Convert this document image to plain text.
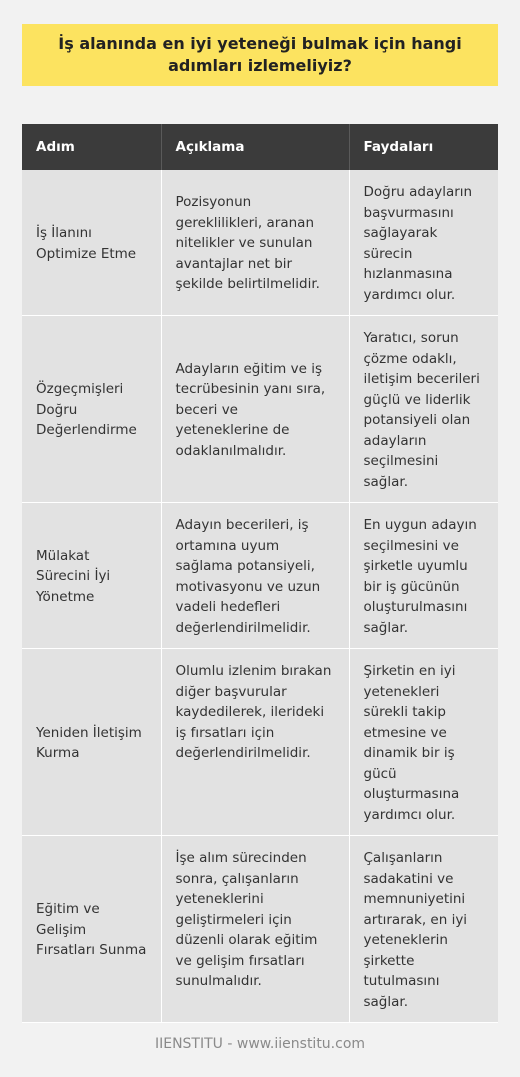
İş alanında en iyi yeteneği bulmak için hangi adımları izlemeliyiz?
Adım	Açıklama	Faydaları
İş İlanını Optimize Etme	Pozisyonun gereklilikleri, aranan nitelikler ve sunulan avantajlar net bir şekilde belirtilmelidir.	Doğru adayların başvurmasını sağlayarak sürecin hızlanmasına yardımcı olur.
Özgeçmişleri Doğru Değerlendirme	Adayların eğitim ve iş tecrübesinin yanı sıra, beceri ve yeteneklerine de odaklanılmalıdır.	Yaratıcı, sorun çözme odaklı, iletişim becerileri güçlü ve liderlik potansiyeli olan adayların seçilmesini sağlar.
Mülakat Sürecini İyi Yönetme	Adayın becerileri, iş ortamına uyum sağlama potansiyeli, motivasyonu ve uzun vadeli hedefleri değerlendirilmelidir.	En uygun adayın seçilmesini ve şirketle uyumlu bir iş gücünün oluşturulmasını sağlar.
Yeniden İletişim Kurma	Olumlu izlenim bırakan diğer başvurular kaydedilerek, ilerideki iş fırsatları için değerlendirilmelidir.	Şirketin en iyi yetenekleri sürekli takip etmesine ve dinamik bir iş gücü oluşturmasına yardımcı olur.
Eğitim ve Gelişim Fırsatları Sunma	İşe alım sürecinden sonra, çalışanların yeteneklerini geliştirmeleri için düzenli olarak eğitim ve gelişim fırsatları sunulmalıdır.	Çalışanların sadakatini ve memnuniyetini artırarak, en iyi yeteneklerin şirkette tutulmasını sağlar.
IIENSTITU - www.iienstitu.com
